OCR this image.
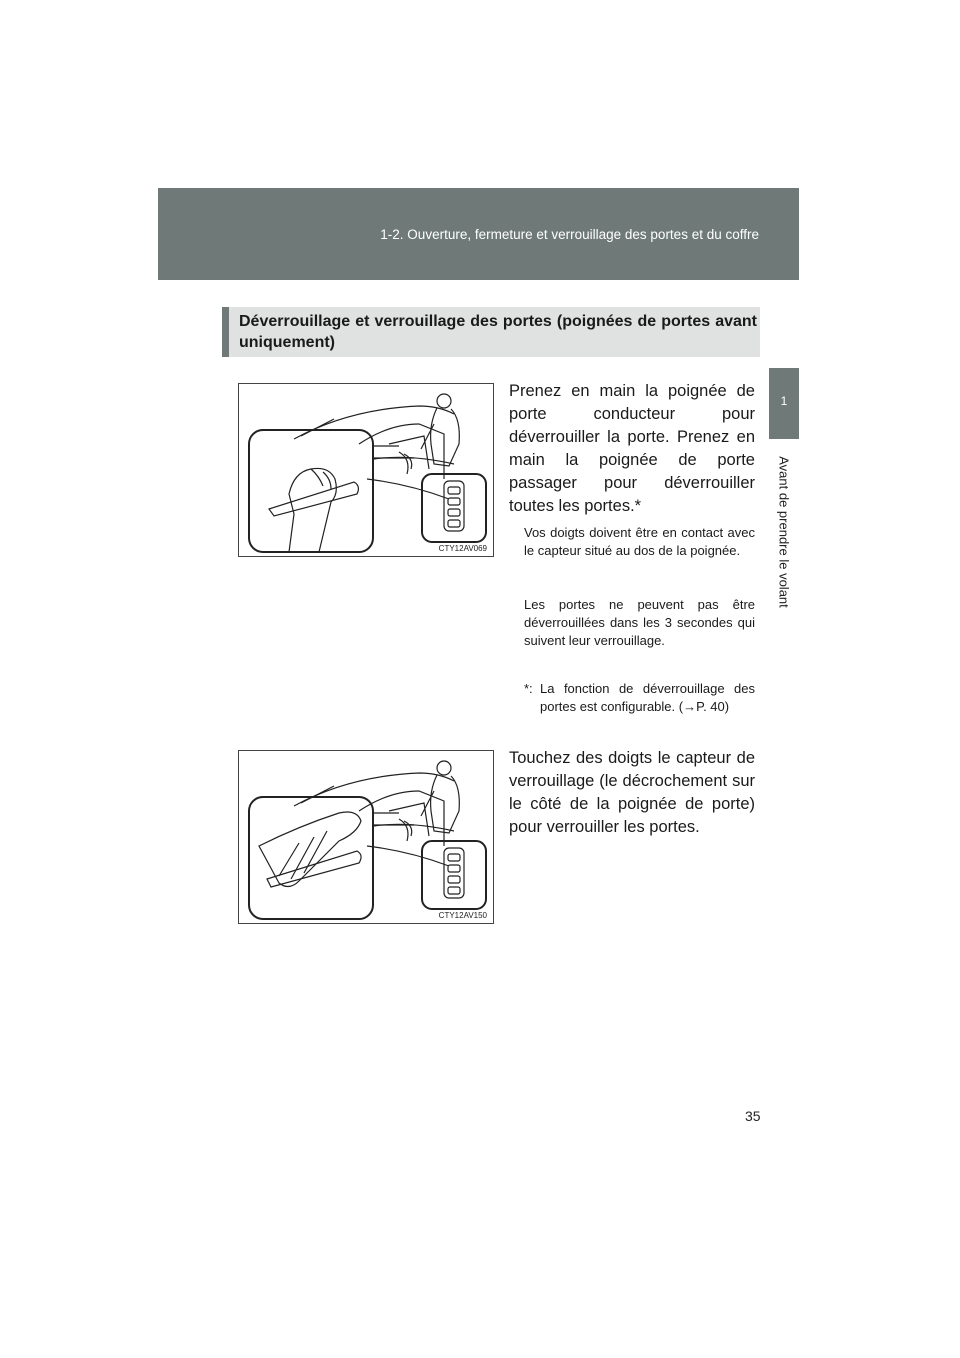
1-2. Ouverture, fermeture et verrouillage des portes et du coffre
1
Avant de prendre le volant
Déverrouillage et verrouillage des portes (poignées de portes avant uniquement)
CTY12AV069
Prenez en main la poignée de porte conducteur pour déverrouiller la porte. Prenez en main la poignée de porte passager pour déverrouiller toutes les portes.*
Vos doigts doivent être en contact avec le capteur situé au dos de la poignée.
Les portes ne peuvent pas être déverrouillées dans les 3 secondes qui suivent leur verrouillage.
*: La fonction de déverrouillage des portes est configurable. (→P. 40)
CTY12AV150
Touchez des doigts le capteur de verrouillage (le décrochement sur le côté de la poignée de porte) pour verrouiller les portes.
35
